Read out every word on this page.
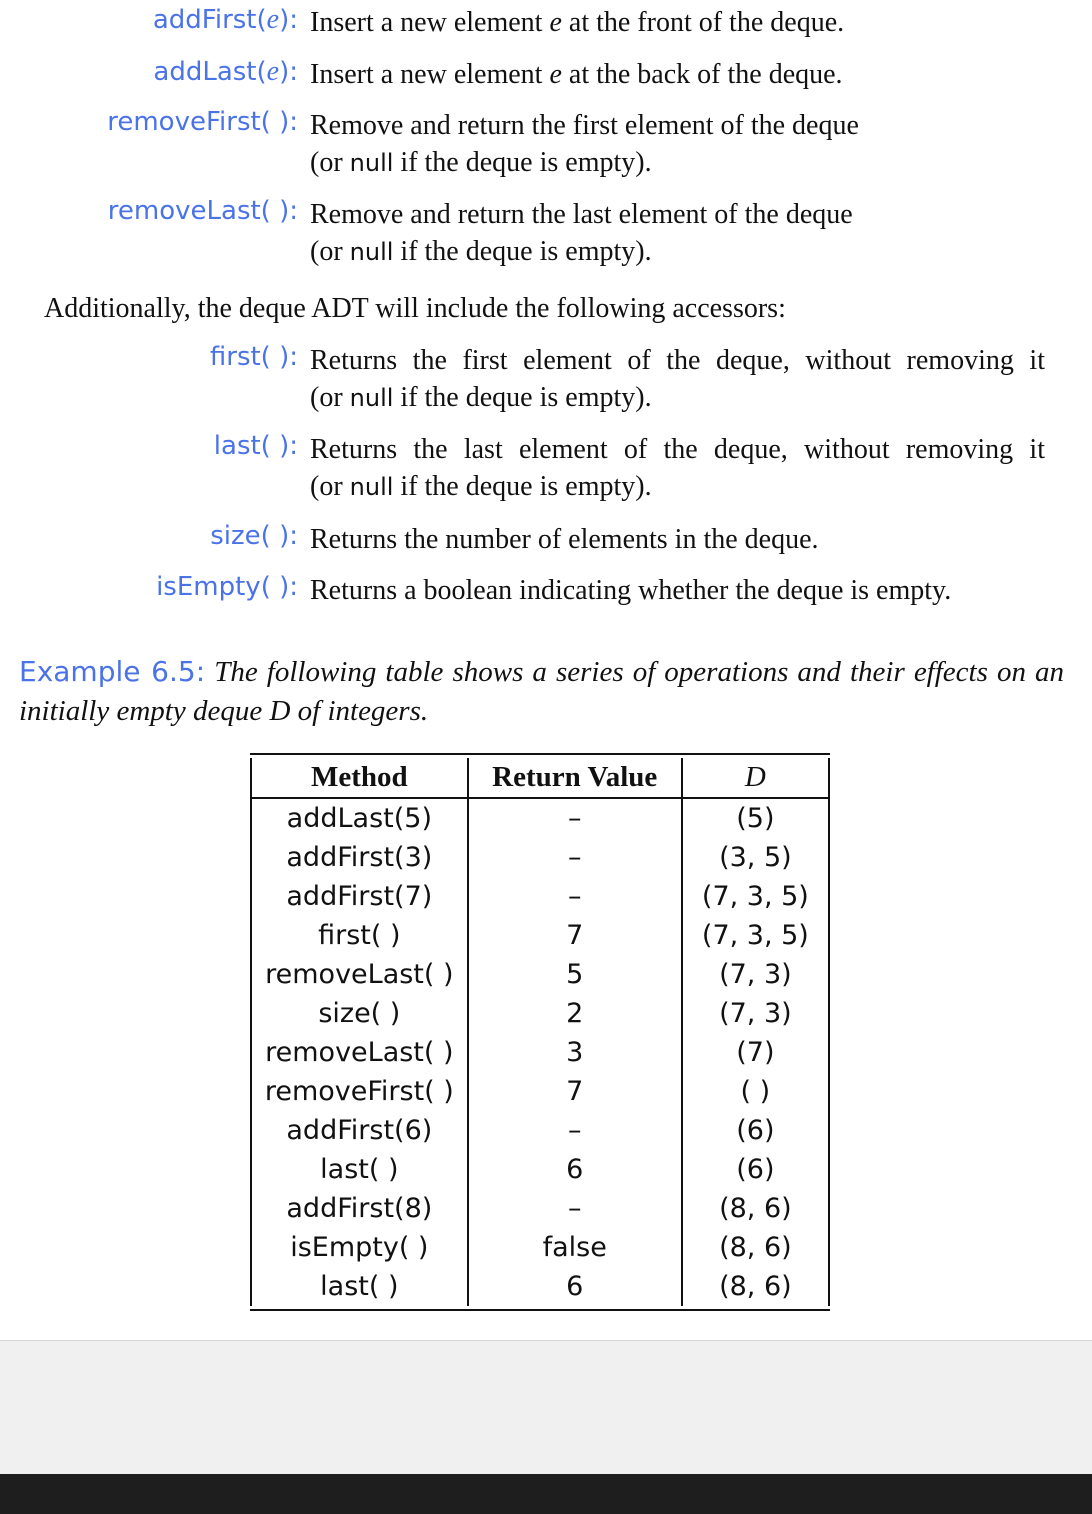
addFirst(e): Insert a new element e at the front of the deque.
addLast(e): Insert a new element e at the back of the deque.
removeFirst( ): Remove and return the first element of the deque
(or null if the deque is empty).
removeLast( ): Remove and return the last element of the deque
(or null if the deque is empty).
Additionally, the deque ADT will include the following accessors:
first( ): Returns the first element of the deque, without removing it
(or null if the deque is empty).
last( ): Returns the last element of the deque, without removing it
(or null if the deque is empty).
size( ): Returns the number of elements in the deque.
isEmpty( ): Returns a boolean indicating whether the deque is empty.
Example 6.5: The following table shows a series of operations and their effects on an initially empty deque D of integers.
Method	Return Value	D

addLast(5)	–	(5)

addFirst(3)	–	(3, 5)

addFirst(7)	–	(7, 3, 5)

first( )	7	(7, 3, 5)

removeLast( )	5	(7, 3)

size( )	2	(7, 3)

removeLast( )	3	(7)

removeFirst( )	7	( )

addFirst(6)	–	(6)

last( )	6	(6)

addFirst(8)	–	(8, 6)

isEmpty( )	false	(8, 6)

last( )	6	(8, 6)
